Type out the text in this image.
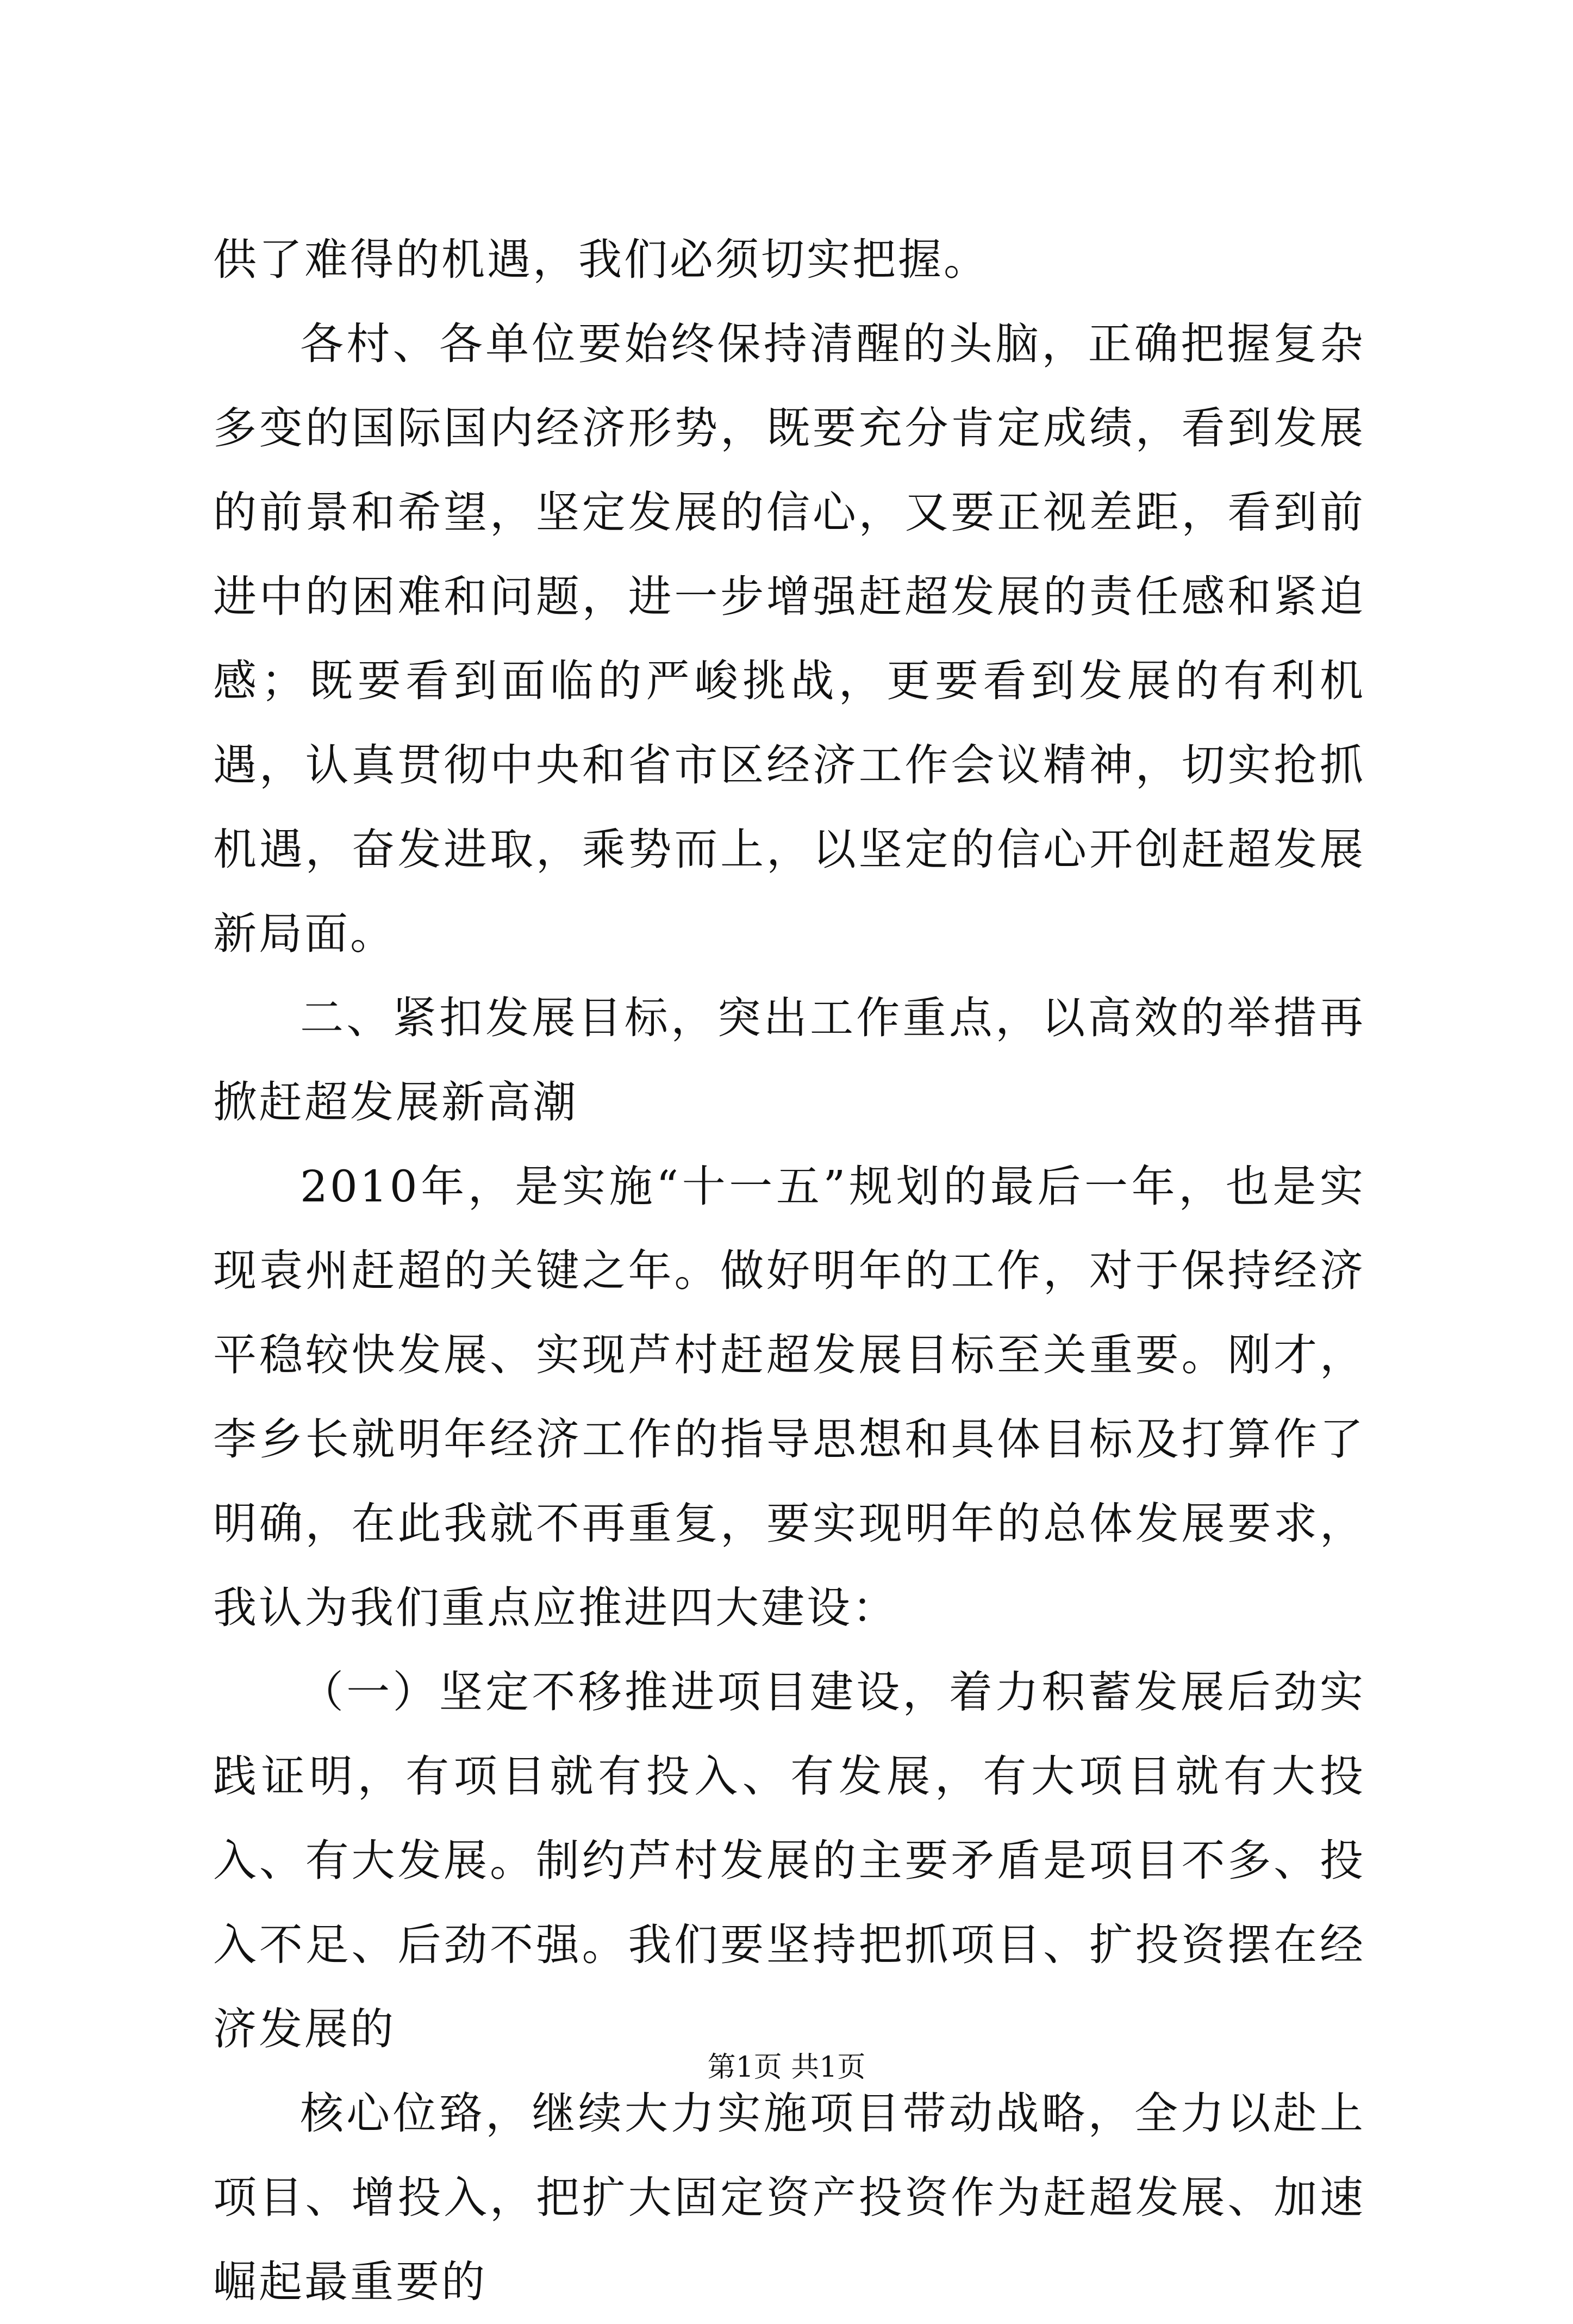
供了难得的机遇，我们必须切实把握。

各村、各单位要始终保持清醒的头脑，正确把握复杂多变的国际国内经济形势，既要充分肯定成绩，看到发展的前景和希望，坚定发展的信心，又要正视差距，看到前进中的困难和问题，进一步增强赶超发展的责任感和紧迫感；既要看到面临的严峻挑战，更要看到发展的有利机遇，认真贯彻中央和省市区经济工作会议精神，切实抢抓机遇，奋发进取，乘势而上，以坚定的信心开创赶超发展新局面。

二、紧扣发展目标，突出工作重点，以高效的举措再掀赶超发展新高潮

2010年，是实施“十一五”规划的最后一年，也是实现袁州赶超的关键之年。做好明年的工作，对于保持经济平稳较快发展、实现芦村赶超发展目标至关重要。刚才，李乡长就明年经济工作的指导思想和具体目标及打算作了明确，在此我就不再重复，要实现明年的总体发展要求，我认为我们重点应推进四大建设：

（一）坚定不移推进项目建设，着力积蓄发展后劲实践证明，有项目就有投入、有发展，有大项目就有大投入、有大发展。制约芦村发展的主要矛盾是项目不多、投入不足、后劲不强。我们要坚持把抓项目、扩投资摆在经济发展的

核心位臵，继续大力实施项目带动战略，全力以赴上项目、增投入，把扩大固定资产投资作为赶超发展、加速崛起最重要的

第1页 共1页
